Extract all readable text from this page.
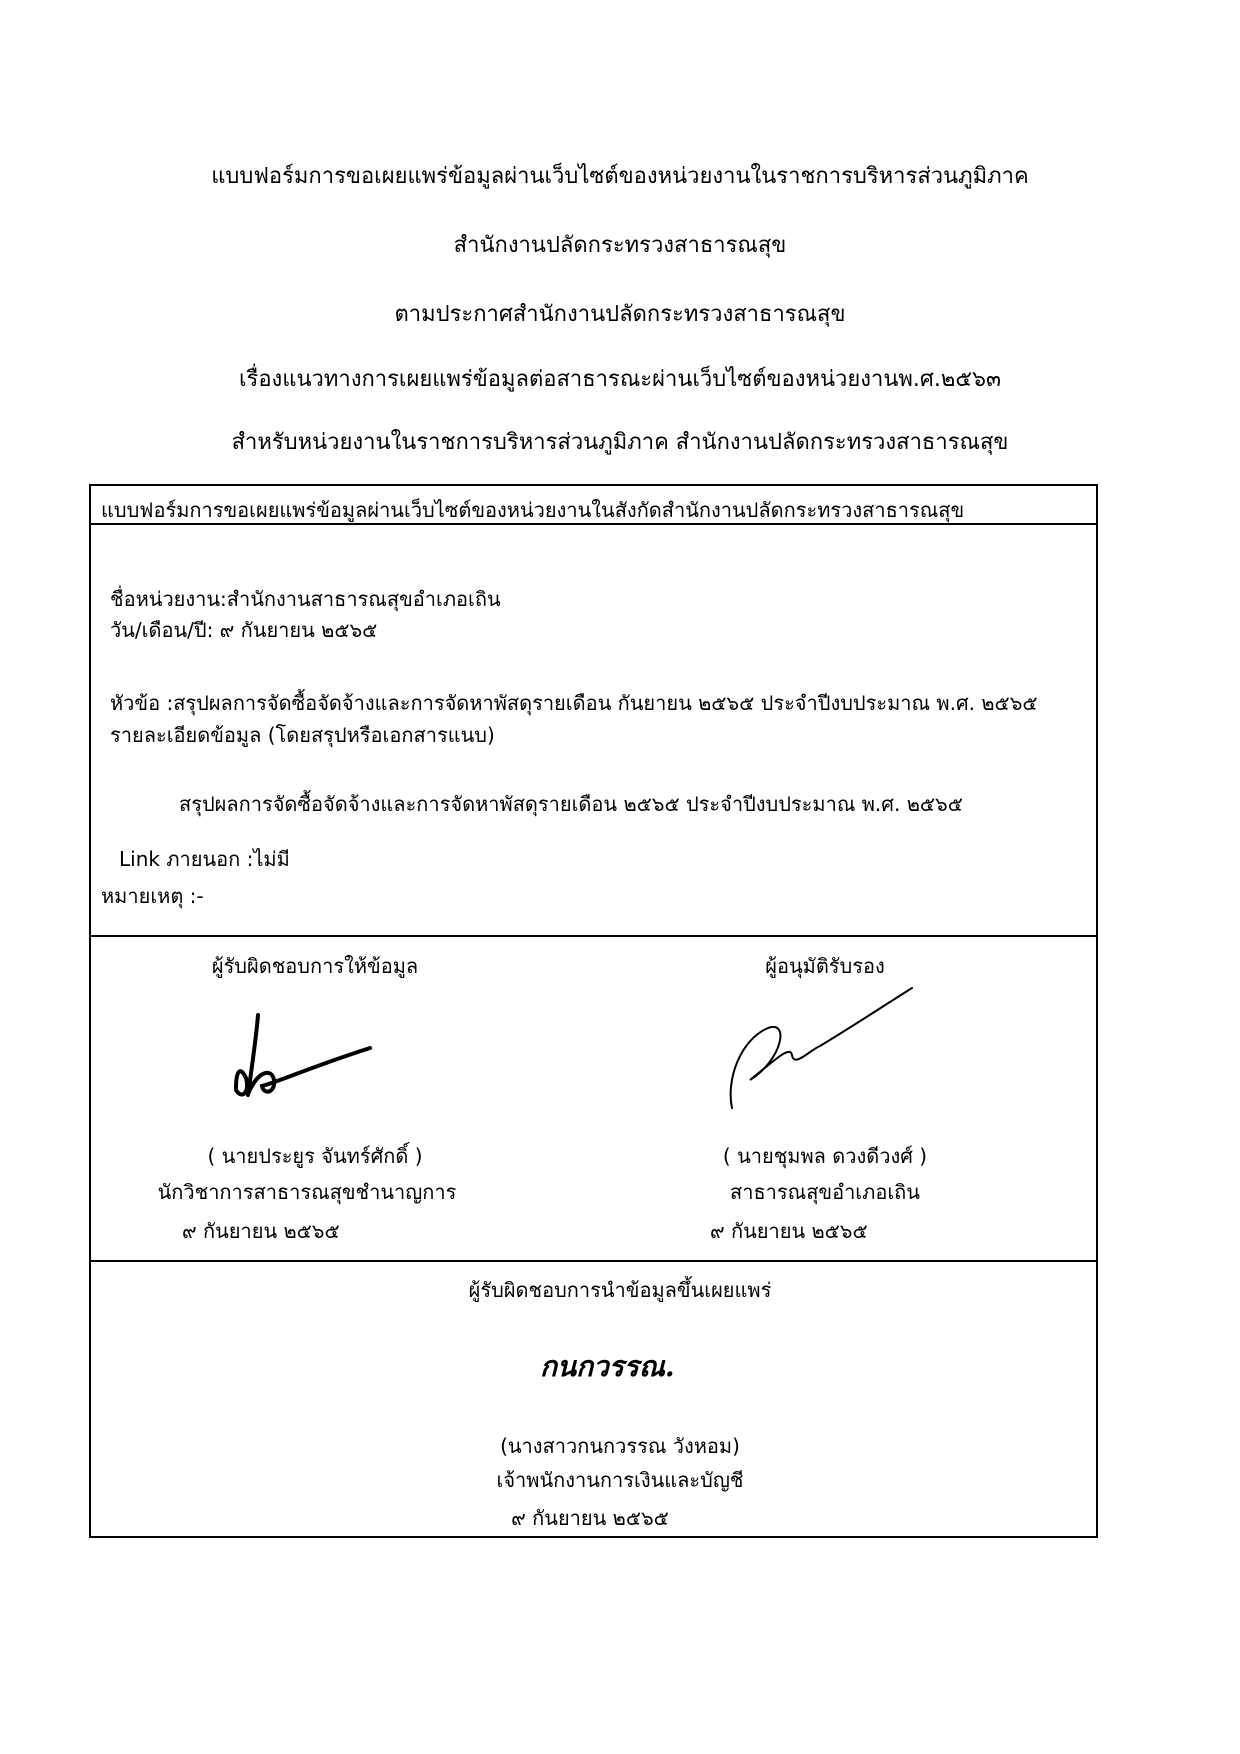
แบบฟอร์มการขอเผยแพร่ข้อมูลผ่านเว็บไซต์ของหน่วยงานในราชการบริหารส่วนภูมิภาค
สำนักงานปลัดกระทรวงสาธารณสุข
ตามประกาศสำนักงานปลัดกระทรวงสาธารณสุข
เรื่องแนวทางการเผยแพร่ข้อมูลต่อสาธารณะผ่านเว็บไซต์ของหน่วยงานพ.ศ.๒๕๖๓
สำหรับหน่วยงานในราชการบริหารส่วนภูมิภาค สำนักงานปลัดกระทรวงสาธารณสุข
แบบฟอร์มการขอเผยแพร่ข้อมูลผ่านเว็บไซต์ของหน่วยงานในสังกัดสำนักงานปลัดกระทรวงสาธารณสุข
ชื่อหน่วยงาน:สำนักงานสาธารณสุขอำเภอเถิน
วัน/เดือน/ปี: ๙ กันยายน ๒๕๖๕
หัวข้อ :สรุปผลการจัดซื้อจัดจ้างและการจัดหาพัสดุรายเดือน กันยายน ๒๕๖๕ ประจำปีงบประมาณ พ.ศ. ๒๕๖๕
รายละเอียดข้อมูล (โดยสรุปหรือเอกสารแนบ)
สรุปผลการจัดซื้อจัดจ้างและการจัดหาพัสดุรายเดือน ๒๕๖๕ ประจำปีงบประมาณ พ.ศ. ๒๕๖๕
Link ภายนอก :ไม่มี
หมายเหตุ :-
ผู้รับผิดชอบการให้ข้อมูล
( นายประยูร จันทร์ศักดิ์ )
นักวิชาการสาธารณสุขชำนาญการ
๙ กันยายน ๒๕๖๕
ผู้อนุมัติรับรอง
( นายชุมพล ดวงดีวงศ์ )
สาธารณสุขอำเภอเถิน
๙ กันยายน ๒๕๖๕
ผู้รับผิดชอบการนำข้อมูลขึ้นเผยแพร่
กนกวรรณ.
(นางสาวกนกวรรณ วังหอม)
เจ้าพนักงานการเงินและบัญชี
๙ กันยายน ๒๕๖๕
